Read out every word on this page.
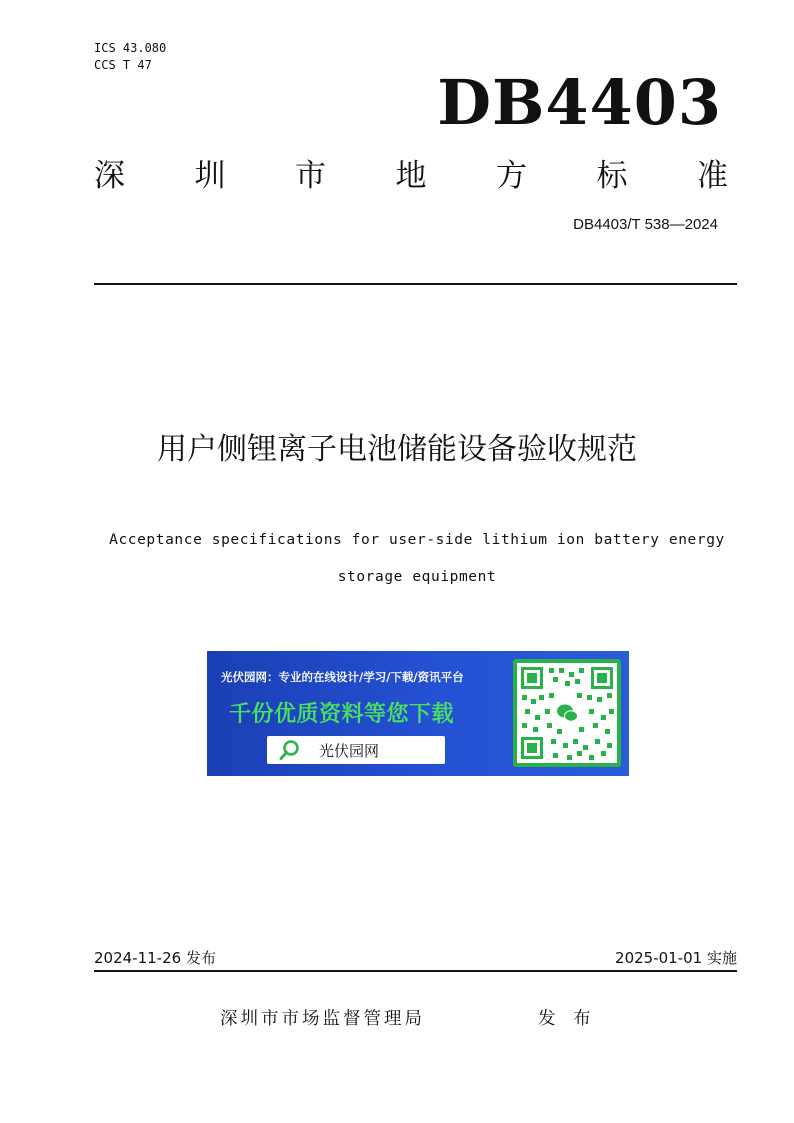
ICS 43.080
CCS T 47
DB4403
深 圳 市 地 方 标 准
DB4403/T 538—2024
用户侧锂离子电池储能设备验收规范
Acceptance specifications for user-side lithium ion battery energy
storage equipment
光伏园网：专业的在线设计/学习/下载/资讯平台
千份优质资料等您下载
光伏园网
2024-11-26 发布	2025-01-01 实施
深圳市市场监督管理局	发 布
